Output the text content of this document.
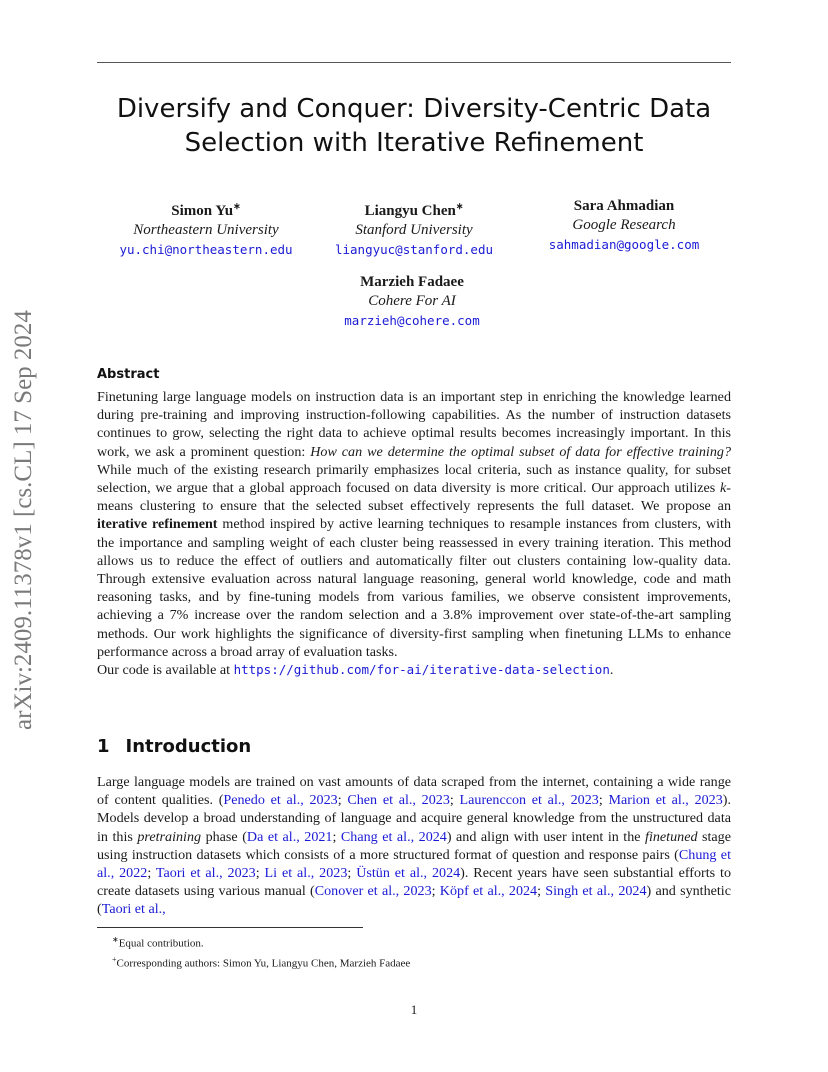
Diversify and Conquer: Diversity-Centric Data
Selection with Iterative Refinement
Simon Yu∗
Northeastern University
yu.chi@northeastern.edu
Liangyu Chen∗
Stanford University
liangyuc@stanford.edu
Sara Ahmadian
Google Research
sahmadian@google.com
Marzieh Fadaee
Cohere For AI
marzieh@cohere.com
arXiv:2409.11378v1 [cs.CL] 17 Sep 2024	Abstract

Finetuning large language models on instruction data is an important step in enriching the knowledge learned during pre-training and improving instruction-following capabilities. As the number of instruction datasets continues to grow, selecting the right data to achieve optimal results becomes increasingly important. In this work, we ask a prominent question: How can we determine the optimal subset of data for effective training? While much of the existing research primarily emphasizes local criteria, such as instance quality, for subset selection, we argue that a global approach focused on data diversity is more critical. Our approach utilizes k-means clustering to ensure that the selected subset effectively represents the full dataset. We propose an iterative refinement method inspired by active learning techniques to resample instances from clusters, with the importance and sampling weight of each cluster being reassessed in every training iteration. This method allows us to reduce the effect of outliers and automatically filter out clusters containing low-quality data. Through extensive evaluation across natural language reasoning, general world knowledge, code and math reasoning tasks, and by fine-tuning models from various families, we observe consistent improvements, achieving a 7% increase over the random selection and a 3.8% improvement over state-of-the-art sampling methods. Our work highlights the significance of diversity-first sampling when finetuning LLMs to enhance performance across a broad array of evaluation tasks.

Our code is available at https://github.com/for-ai/iterative-data-selection.

1 Introduction
Large language models are trained on vast amounts of data scraped from the internet, containing a wide range of content qualities. (Penedo et al., 2023; Chen et al., 2023; Laurenccon et al., 2023; Marion et al., 2023). Models develop a broad understanding of language and acquire general knowledge from the unstructured data in this pretraining phase (Da et al., 2021; Chang et al., 2024) and align with user intent in the finetuned stage using instruction datasets which consists of a more structured format of question and response pairs (Chung et al., 2022; Taori et al., 2023; Li et al., 2023; Üstün et al., 2024). Recent years have seen substantial efforts to create datasets using various manual (Conover et al., 2023; Köpf et al., 2024; Singh et al., 2024) and synthetic (Taori et al.,
∗Equal contribution.
+Corresponding authors: Simon Yu, Liangyu Chen, Marzieh Fadaee
1
